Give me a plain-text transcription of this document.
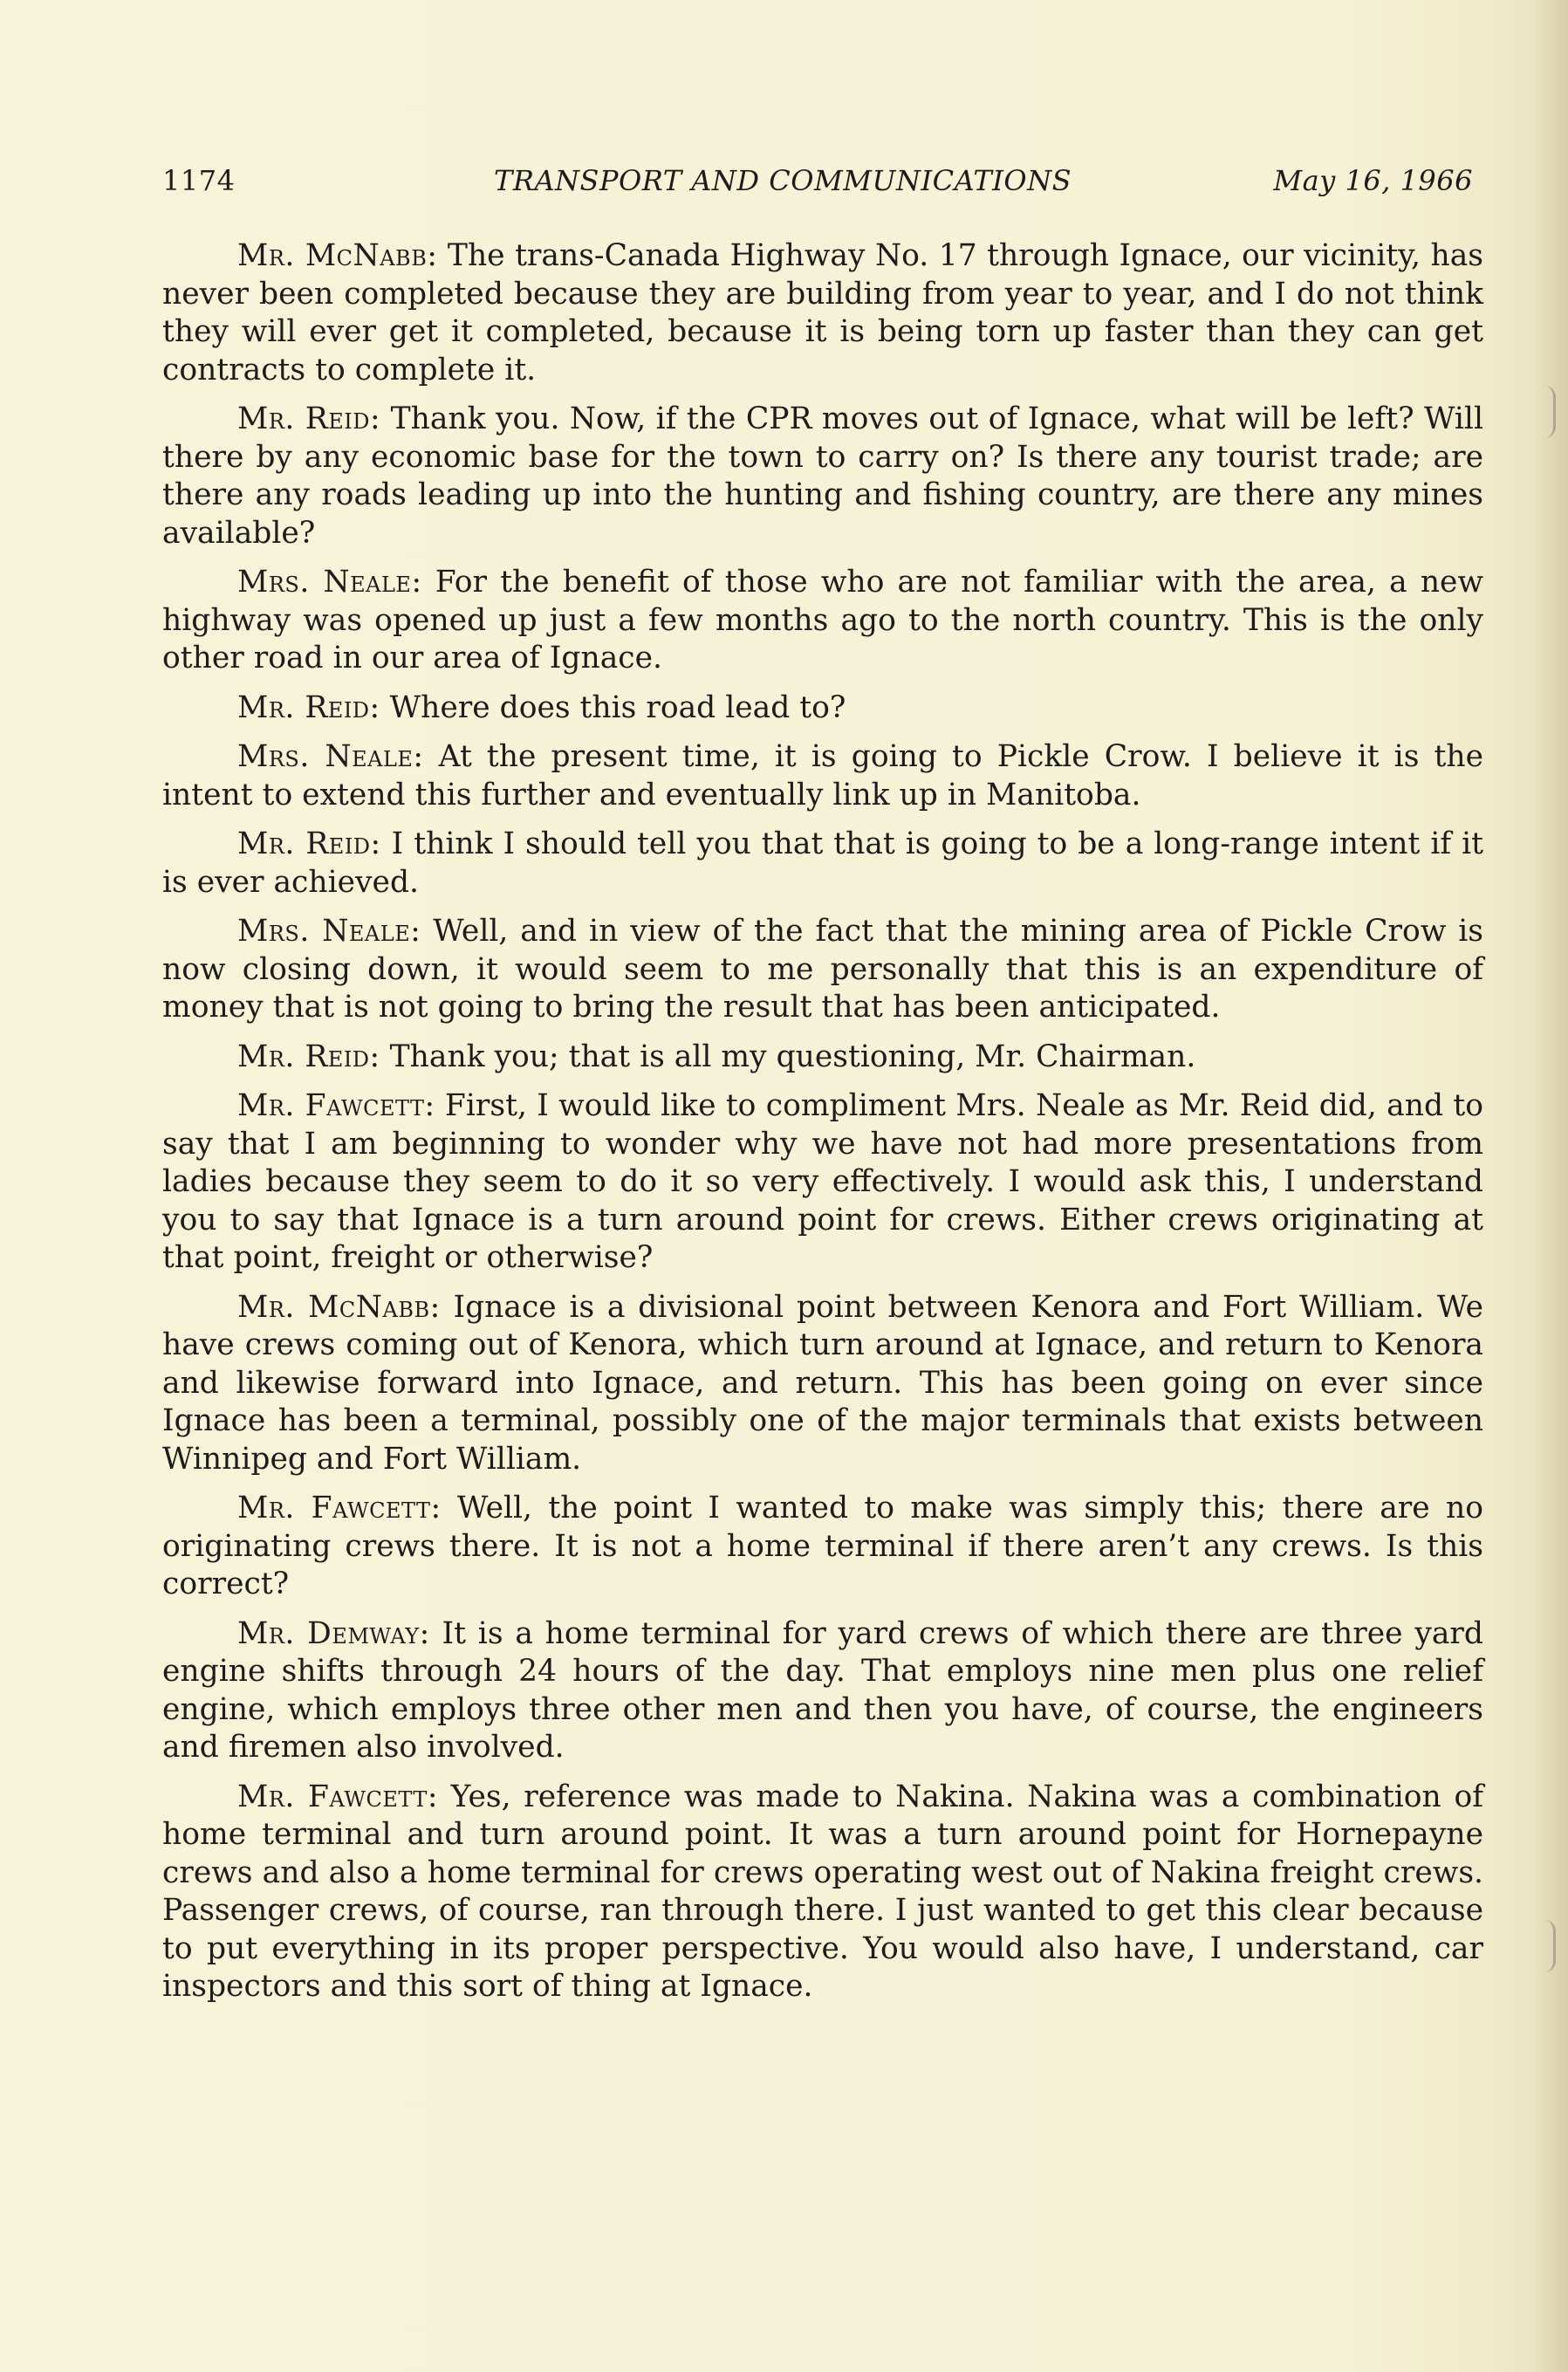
1174	TRANSPORT AND COMMUNICATIONS	May 16, 1966

Mr. McNabb: The trans-Canada Highway No. 17 through Ignace, our vicinity, has never been completed because they are building from year to year, and I do not think they will ever get it completed, because it is being torn up faster than they can get contracts to complete it.

Mr. Reid: Thank you. Now, if the CPR moves out of Ignace, what will be left? Will there by any economic base for the town to carry on? Is there any tourist trade; are there any roads leading up into the hunting and fishing country, are there any mines available?

Mrs. Neale: For the benefit of those who are not familiar with the area, a new highway was opened up just a few months ago to the north country. This is the only other road in our area of Ignace.

Mr. Reid: Where does this road lead to?

Mrs. Neale: At the present time, it is going to Pickle Crow. I believe it is the intent to extend this further and eventually link up in Manitoba.

Mr. Reid: I think I should tell you that that is going to be a long-range intent if it is ever achieved.

Mrs. Neale: Well, and in view of the fact that the mining area of Pickle Crow is now closing down, it would seem to me personally that this is an expenditure of money that is not going to bring the result that has been anticipated.

Mr. Reid: Thank you; that is all my questioning, Mr. Chairman.

Mr. Fawcett: First, I would like to compliment Mrs. Neale as Mr. Reid did, and to say that I am beginning to wonder why we have not had more presentations from ladies because they seem to do it so very effectively. I would ask this, I understand you to say that Ignace is a turn around point for crews. Either crews originating at that point, freight or otherwise?

Mr. McNabb: Ignace is a divisional point between Kenora and Fort William. We have crews coming out of Kenora, which turn around at Ignace, and return to Kenora and likewise forward into Ignace, and return. This has been going on ever since Ignace has been a terminal, possibly one of the major terminals that exists between Winnipeg and Fort William.

Mr. Fawcett: Well, the point I wanted to make was simply this; there are no originating crews there. It is not a home terminal if there aren’t any crews. Is this correct?

Mr. Demway: It is a home terminal for yard crews of which there are three yard engine shifts through 24 hours of the day. That employs nine men plus one relief engine, which employs three other men and then you have, of course, the engineers and firemen also involved.

Mr. Fawcett: Yes, reference was made to Nakina. Nakina was a combination of home terminal and turn around point. It was a turn around point for Hornepayne crews and also a home terminal for crews operating west out of Nakina freight crews. Passenger crews, of course, ran through there. I just wanted to get this clear because to put everything in its proper perspective. You would also have, I understand, car inspectors and this sort of thing at Ignace.
